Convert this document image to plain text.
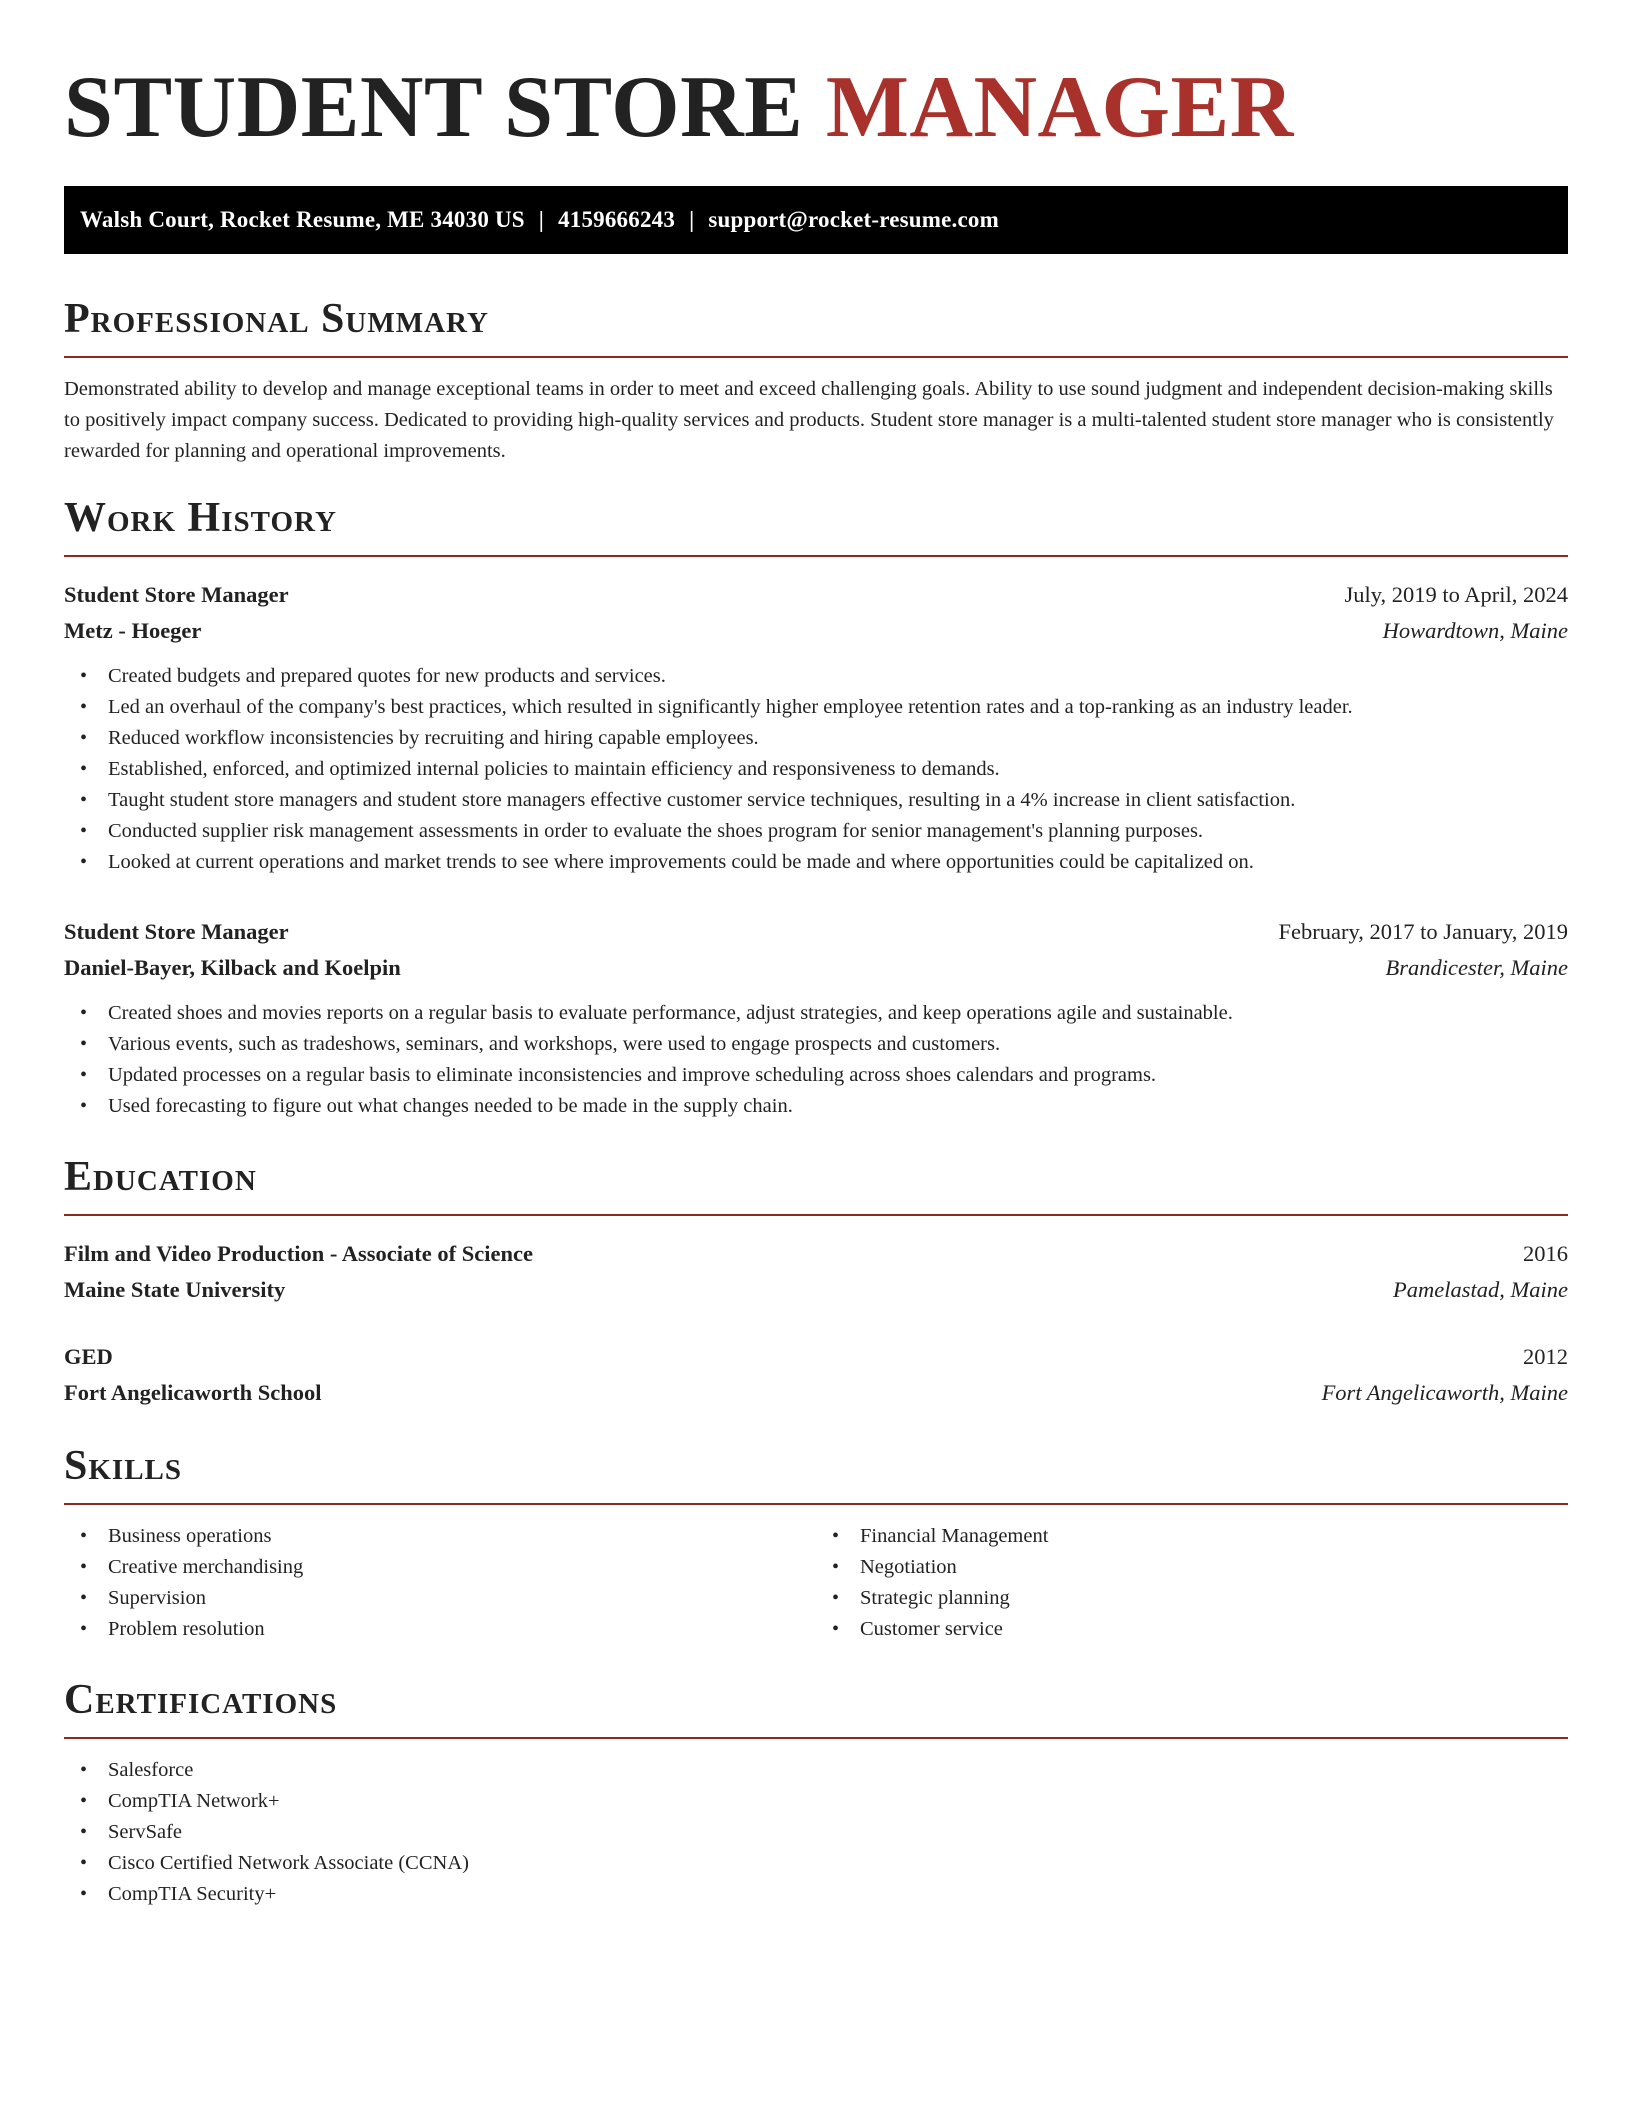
STUDENT STORE MANAGER
Walsh Court, Rocket Resume, ME 34030 US | 4159666243 | support@rocket-resume.com
Professional Summary

Demonstrated ability to develop and manage exceptional teams in order to meet and exceed challenging goals. Ability to use sound judgment and independent decision-making skills to positively impact company success. Dedicated to providing high-quality services and products. Student store manager is a multi-talented student store manager who is consistently rewarded for planning and operational improvements.

Work History
Student Store Manager	July, 2019 to April, 2024
Metz - Hoeger	Howardtown, Maine
• Created budgets and prepared quotes for new products and services.
• Led an overhaul of the company's best practices, which resulted in significantly higher employee retention rates and a top-ranking as an industry leader.
• Reduced workflow inconsistencies by recruiting and hiring capable employees.
• Established, enforced, and optimized internal policies to maintain efficiency and responsiveness to demands.
• Taught student store managers and student store managers effective customer service techniques, resulting in a 4% increase in client satisfaction.
• Conducted supplier risk management assessments in order to evaluate the shoes program for senior management's planning purposes.
• Looked at current operations and market trends to see where improvements could be made and where opportunities could be capitalized on.
Student Store Manager	February, 2017 to January, 2019
Daniel-Bayer, Kilback and Koelpin	Brandicester, Maine
• Created shoes and movies reports on a regular basis to evaluate performance, adjust strategies, and keep operations agile and sustainable.
• Various events, such as tradeshows, seminars, and workshops, were used to engage prospects and customers.
• Updated processes on a regular basis to eliminate inconsistencies and improve scheduling across shoes calendars and programs.
• Used forecasting to figure out what changes needed to be made in the supply chain.
Education
Film and Video Production - Associate of Science	2016
Maine State University	Pamelastad, Maine
GED	2012
Fort Angelicaworth School	Fort Angelicaworth, Maine
Skills
• Business operations
• Creative merchandising
• Supervision
• Problem resolution
• Financial Management
• Negotiation
• Strategic planning
• Customer service
Certifications
• Salesforce
• CompTIA Network+
• ServSafe
• Cisco Certified Network Associate (CCNA)
• CompTIA Security+
